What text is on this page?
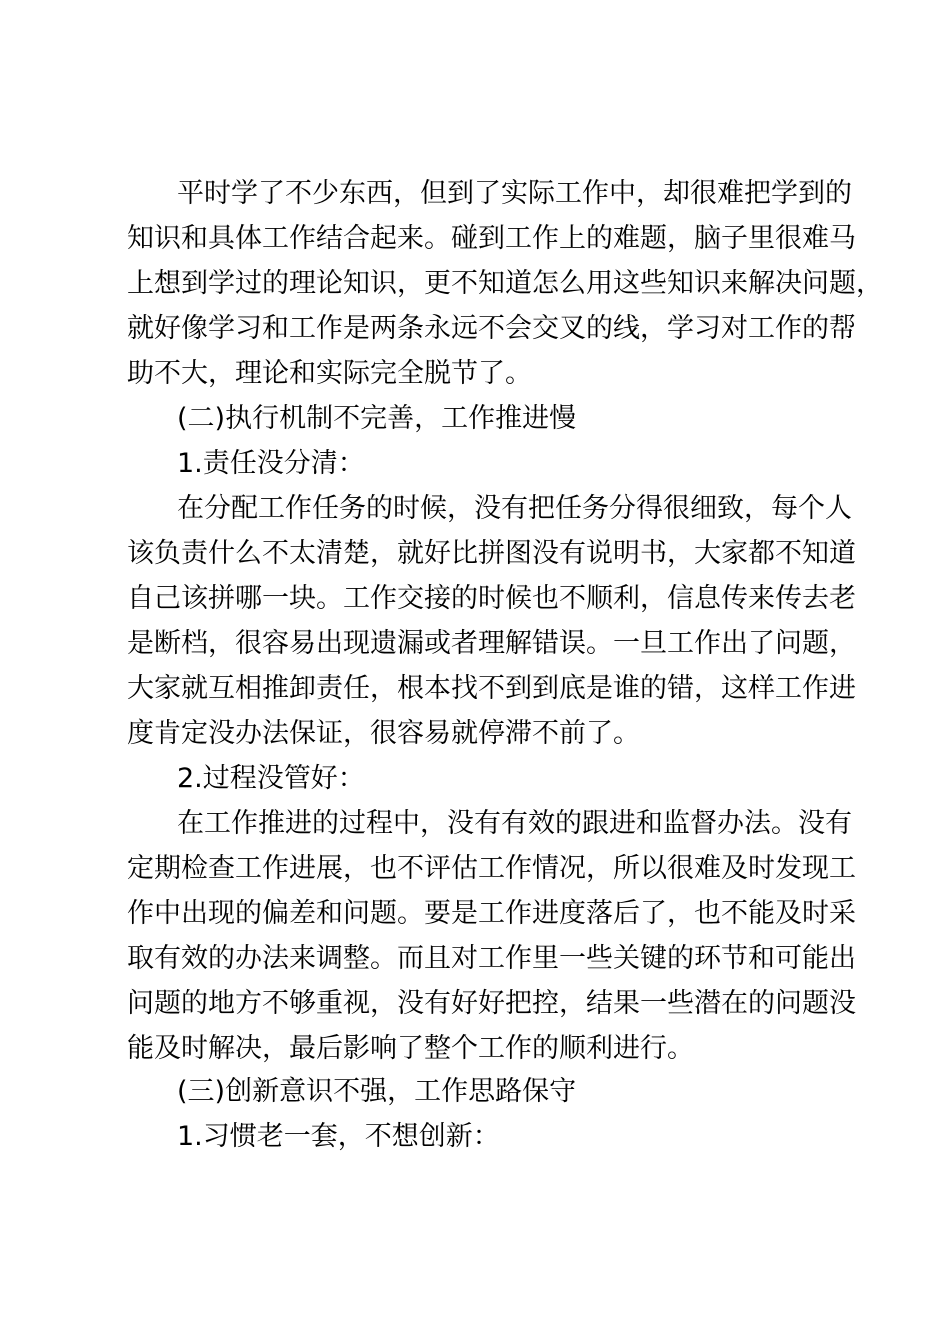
平时学了不少东西，但到了实际工作中，却很难把学到的
知识和具体工作结合起来。碰到工作上的难题，脑子里很难马
上想到学过的理论知识，更不知道怎么用这些知识来解决问题，
就好像学习和工作是两条永远不会交叉的线，学习对工作的帮
助不大，理论和实际完全脱节了。
(二)执行机制不完善，工作推进慢
1.责任没分清：
在分配工作任务的时候，没有把任务分得很细致，每个人
该负责什么不太清楚，就好比拼图没有说明书，大家都不知道
自己该拼哪一块。工作交接的时候也不顺利，信息传来传去老
是断档，很容易出现遗漏或者理解错误。一旦工作出了问题，
大家就互相推卸责任，根本找不到到底是谁的错，这样工作进
度肯定没办法保证，很容易就停滞不前了。
2.过程没管好：
在工作推进的过程中，没有有效的跟进和监督办法。没有
定期检查工作进展，也不评估工作情况，所以很难及时发现工
作中出现的偏差和问题。要是工作进度落后了，也不能及时采
取有效的办法来调整。而且对工作里一些关键的环节和可能出
问题的地方不够重视，没有好好把控，结果一些潜在的问题没
能及时解决，最后影响了整个工作的顺利进行。
(三)创新意识不强，工作思路保守
1.习惯老一套，不想创新：
